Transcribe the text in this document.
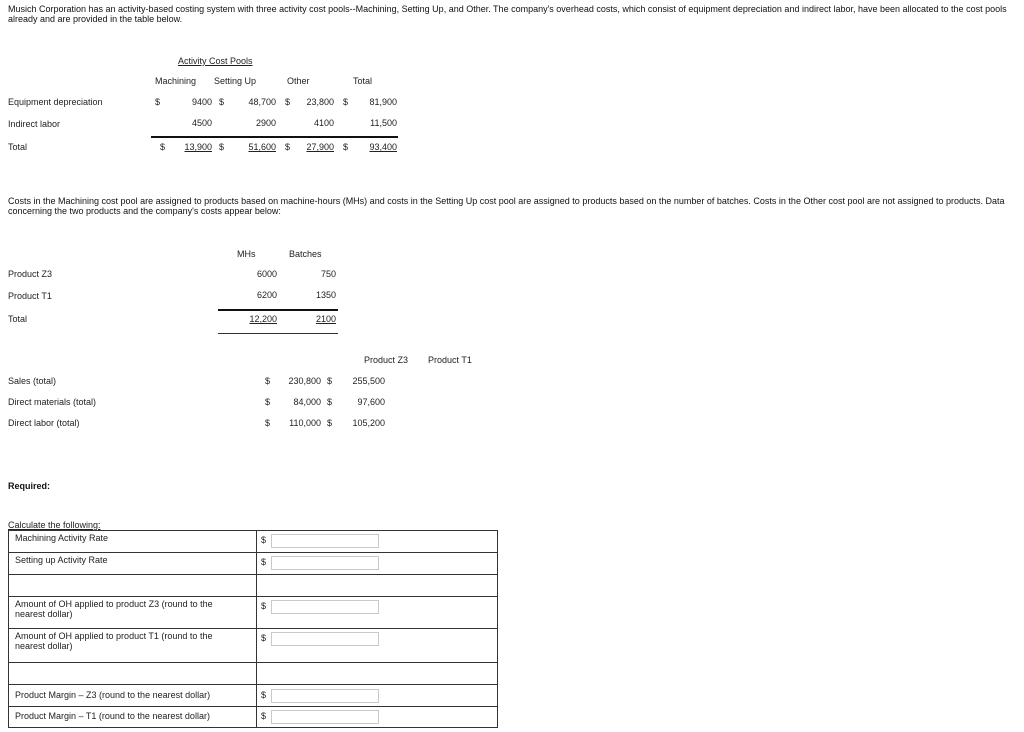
Musich Corporation has an activity-based costing system with three activity cost pools--Machining, Setting Up, and Other. The company's overhead costs, which consist of equipment depreciation and indirect labor, have been allocated to the cost pools already and are provided in the table below.
Activity Cost Pools
Machining Setting Up	Other	Total
Equipment depreciation	$	9400 $	48,700 $	23,800 $	81,900
Indirect labor	4500	2900	4100	11,500
Total	$	13,900 $	51,600 $	27,900 $	93,400
Costs in the Machining cost pool are assigned to products based on machine-hours (MHs) and costs in the Setting Up cost pool are assigned to products based on the number of batches. Costs in the Other cost pool are not assigned to products. Data concerning the two products and the company's costs appear below:
MHs	Batches
Product Z3	6000	750
Product T1	6200	1350
Total	12,200	2100
Product Z3 Product T1
Sales (total)	$	230,800 $	255,500
Direct materials (total)	$	84,000 $	97,600
Direct labor (total)	$	110,000 $	105,200
Required:
Calculate the following:
Machining Activity Rate	$
Setting up Activity Rate	$
Amount of OH applied to product Z3 (round to the nearest dollar)
$
Amount of OH applied to product T1 (round to the nearest dollar)
$
Product Margin – Z3 (round to the nearest dollar)	$
Product Margin – T1 (round to the nearest dollar)	$
